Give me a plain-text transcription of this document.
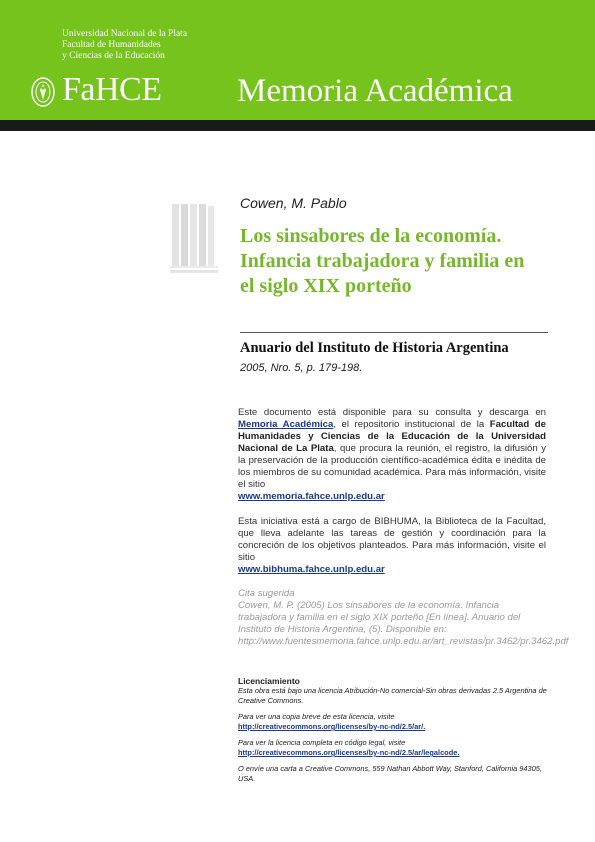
Universidad Nacional de la Plata
Facultad de Humanidades
y Ciencias de la Educación
FaHCE Memoria Académica
Cowen, M. Pablo
Los sinsabores de la economía. Infancia trabajadora y familia en el siglo XIX porteño
Anuario del Instituto de Historia Argentina
2005, Nro. 5, p. 179-198.

Este documento está disponible para su consulta y descarga en Memoria Académica, el repositorio institucional de la Facultad de Humanidades y Ciencias de la Educación de la Universidad Nacional de La Plata, que procura la reunión, el registro, la difusión y la preservación de la producción científico-académica édita e inédita de los miembros de su comunidad académica. Para más información, visite el sitio
www.memoria.fahce.unlp.edu.ar

Esta iniciativa está a cargo de BIBHUMA, la Biblioteca de la Facultad, que lleva adelante las tareas de gestión y coordinación para la concreción de los objetivos planteados. Para más información, visite el sitio
www.bibhuma.fahce.unlp.edu.ar

Cita sugerida
Cowen, M. P. (2005) Los sinsabores de la economía. Infancia trabajadora y familia en el siglo XIX porteño [En línea]. Anuario del Instituto de Historia Argentina, (5). Disponible en: http://www.fuentesmemoria.fahce.unlp.edu.ar/art_revistas/pr.3462/pr.3462.pdf

Licenciamiento
Esta obra está bajo una licencia Atribución-No comercial-Sin obras derivadas 2.5 Argentina de Creative Commons.
Para ver una copia breve de esta licencia, visite
http://creativecommons.org/licenses/by-nc-nd/2.5/ar/.
Para ver la licencia completa en código legal, visite
http://creativecommons.org/licenses/by-nc-nd/2.5/ar/legalcode.
O envíe una carta a Creative Commons, 559 Nathan Abbott Way, Stanford, California 94305, USA.
